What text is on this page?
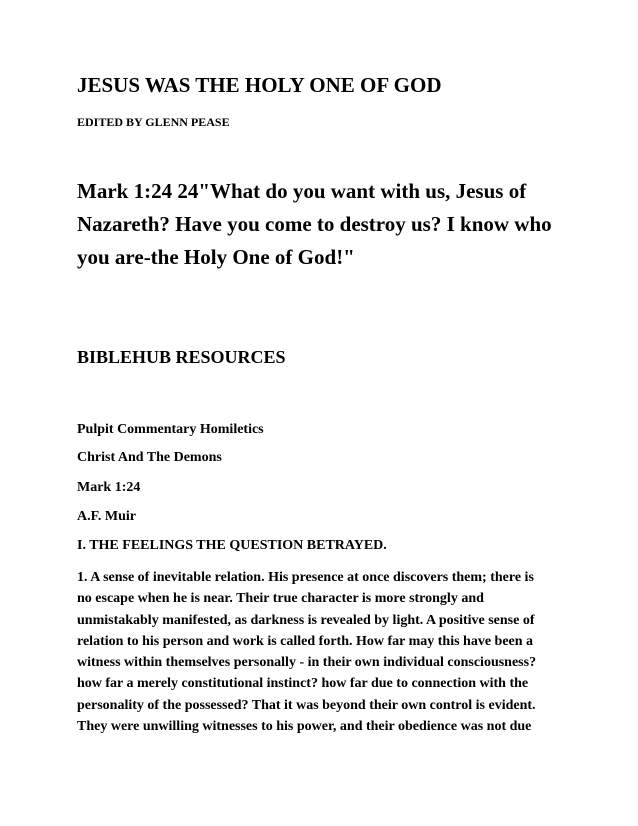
JESUS WAS THE HOLY ONE OF GOD

EDITED BY GLENN PEASE

Mark 1:24 24"What do you want with us, Jesus of
Nazareth? Have you come to destroy us? I know who
you are-the Holy One of God!"
BIBLEHUB RESOURCES

Pulpit Commentary Homiletics

Christ And The Demons

Mark 1:24

A.F. Muir

I. THE FEELINGS THE QUESTION BETRAYED.

1. A sense of inevitable relation. His presence at once discovers them; there is
no escape when he is near. Their true character is more strongly and
unmistakably manifested, as darkness is revealed by light. A positive sense of
relation to his person and work is called forth. How far may this have been a
witness within themselves personally - in their own individual consciousness?
how far a merely constitutional instinct? how far due to connection with the
personality of the possessed? That it was beyond their own control is evident.
They were unwilling witnesses to his power, and their obedience was not due
